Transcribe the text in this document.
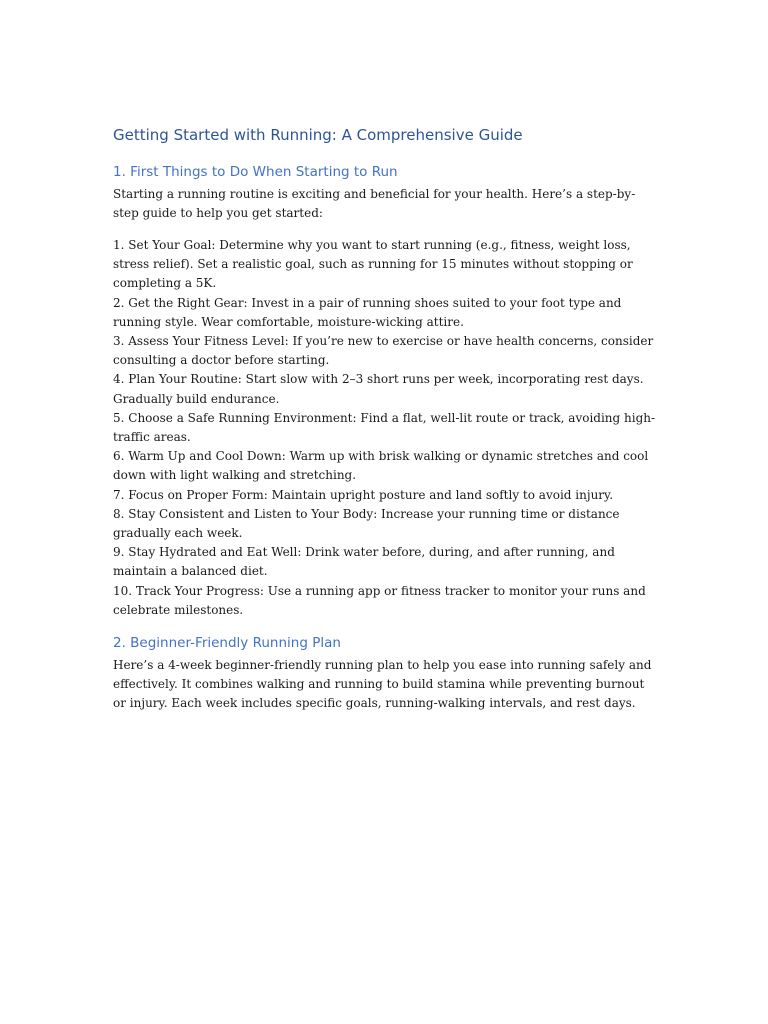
Getting Started with Running: A Comprehensive Guide
1. First Things to Do When Starting to Run

Starting a running routine is exciting and beneficial for your health. Here’s a step-by-step guide to help you get started:

1. Set Your Goal: Determine why you want to start running (e.g., fitness, weight loss, stress relief). Set a realistic goal, such as running for 15 minutes without stopping or completing a 5K.
2. Get the Right Gear: Invest in a pair of running shoes suited to your foot type and running style. Wear comfortable, moisture-wicking attire.
3. Assess Your Fitness Level: If you’re new to exercise or have health concerns, consider consulting a doctor before starting.
4. Plan Your Routine: Start slow with 2–3 short runs per week, incorporating rest days. Gradually build endurance.
5. Choose a Safe Running Environment: Find a flat, well-lit route or track, avoiding high-traffic areas.
6. Warm Up and Cool Down: Warm up with brisk walking or dynamic stretches and cool down with light walking and stretching.
7. Focus on Proper Form: Maintain upright posture and land softly to avoid injury.
8. Stay Consistent and Listen to Your Body: Increase your running time or distance gradually each week.
9. Stay Hydrated and Eat Well: Drink water before, during, and after running, and maintain a balanced diet.
10. Track Your Progress: Use a running app or fitness tracker to monitor your runs and celebrate milestones.
2. Beginner-Friendly Running Plan

Here’s a 4-week beginner-friendly running plan to help you ease into running safely and effectively. It combines walking and running to build stamina while preventing burnout or injury. Each week includes specific goals, running-walking intervals, and rest days.
